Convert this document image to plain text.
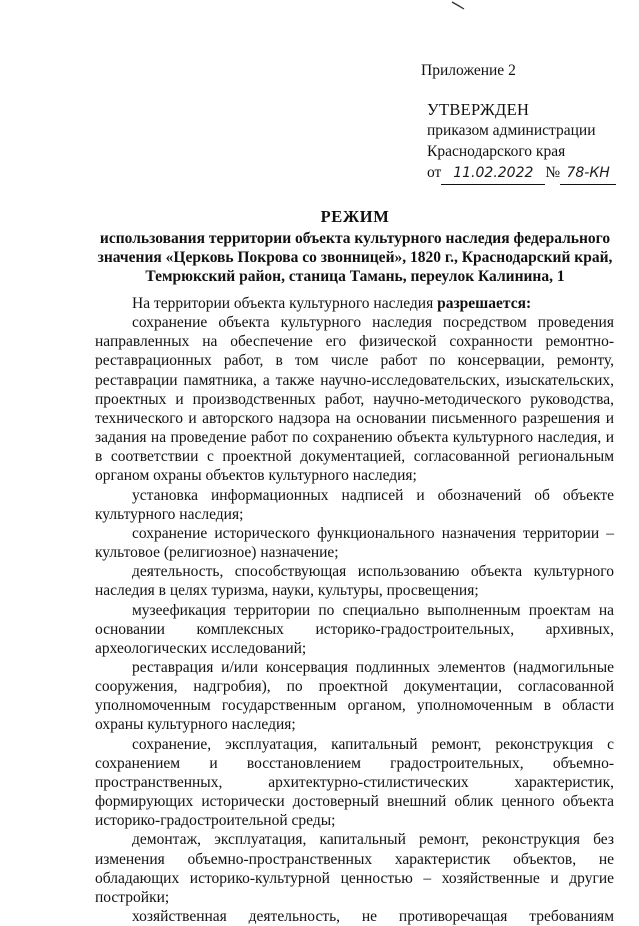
Приложение 2
УТВЕРЖДЕН
приказом администрации
Краснодарского края
от 11.02.2022 № 78-КН
РЕЖИМ
использования территории объекта культурного наследия федерального значения «Церковь Покрова со звонницей», 1820 г., Краснодарский край, Темрюкский район, станица Тамань, переулок Калинина, 1

На территории объекта культурного наследия разрешается:

сохранение объекта культурного наследия посредством проведения направленных на обеспечение его физической сохранности ремонтно-реставрационных работ, в том числе работ по консервации, ремонту, реставрации памятника, а также научно-исследовательских, изыскательских, проектных и производственных работ, научно-методического руководства, технического и авторского надзора на основании письменного разрешения и задания на проведение работ по сохранению объекта культурного наследия, и в соответствии с проектной документацией, согласованной региональным органом охраны объектов культурного наследия;

установка информационных надписей и обозначений об объекте культурного наследия;

сохранение исторического функционального назначения территории – культовое (религиозное) назначение;

деятельность, способствующая использованию объекта культурного наследия в целях туризма, науки, культуры, просвещения;

музеефикация территории по специально выполненным проектам на основании комплексных историко-градостроительных, архивных, археологических исследований;

реставрация и/или консервация подлинных элементов (надмогильные сооружения, надгробия), по проектной документации, согласованной уполномоченным государственным органом, уполномоченным в области охраны культурного наследия;

сохранение, эксплуатация, капитальный ремонт, реконструкция с сохранением и восстановлением градостроительных, объемно-пространственных, архитектурно-стилистических характеристик, формирующих исторически достоверный внешний облик ценного объекта историко-градостроительной среды;

демонтаж, эксплуатация, капитальный ремонт, реконструкция без изменения объемно-пространственных характеристик объектов, не обладающих историко-культурной ценностью – хозяйственные и другие постройки;

хозяйственная деятельность, не противоречащая требованиям
